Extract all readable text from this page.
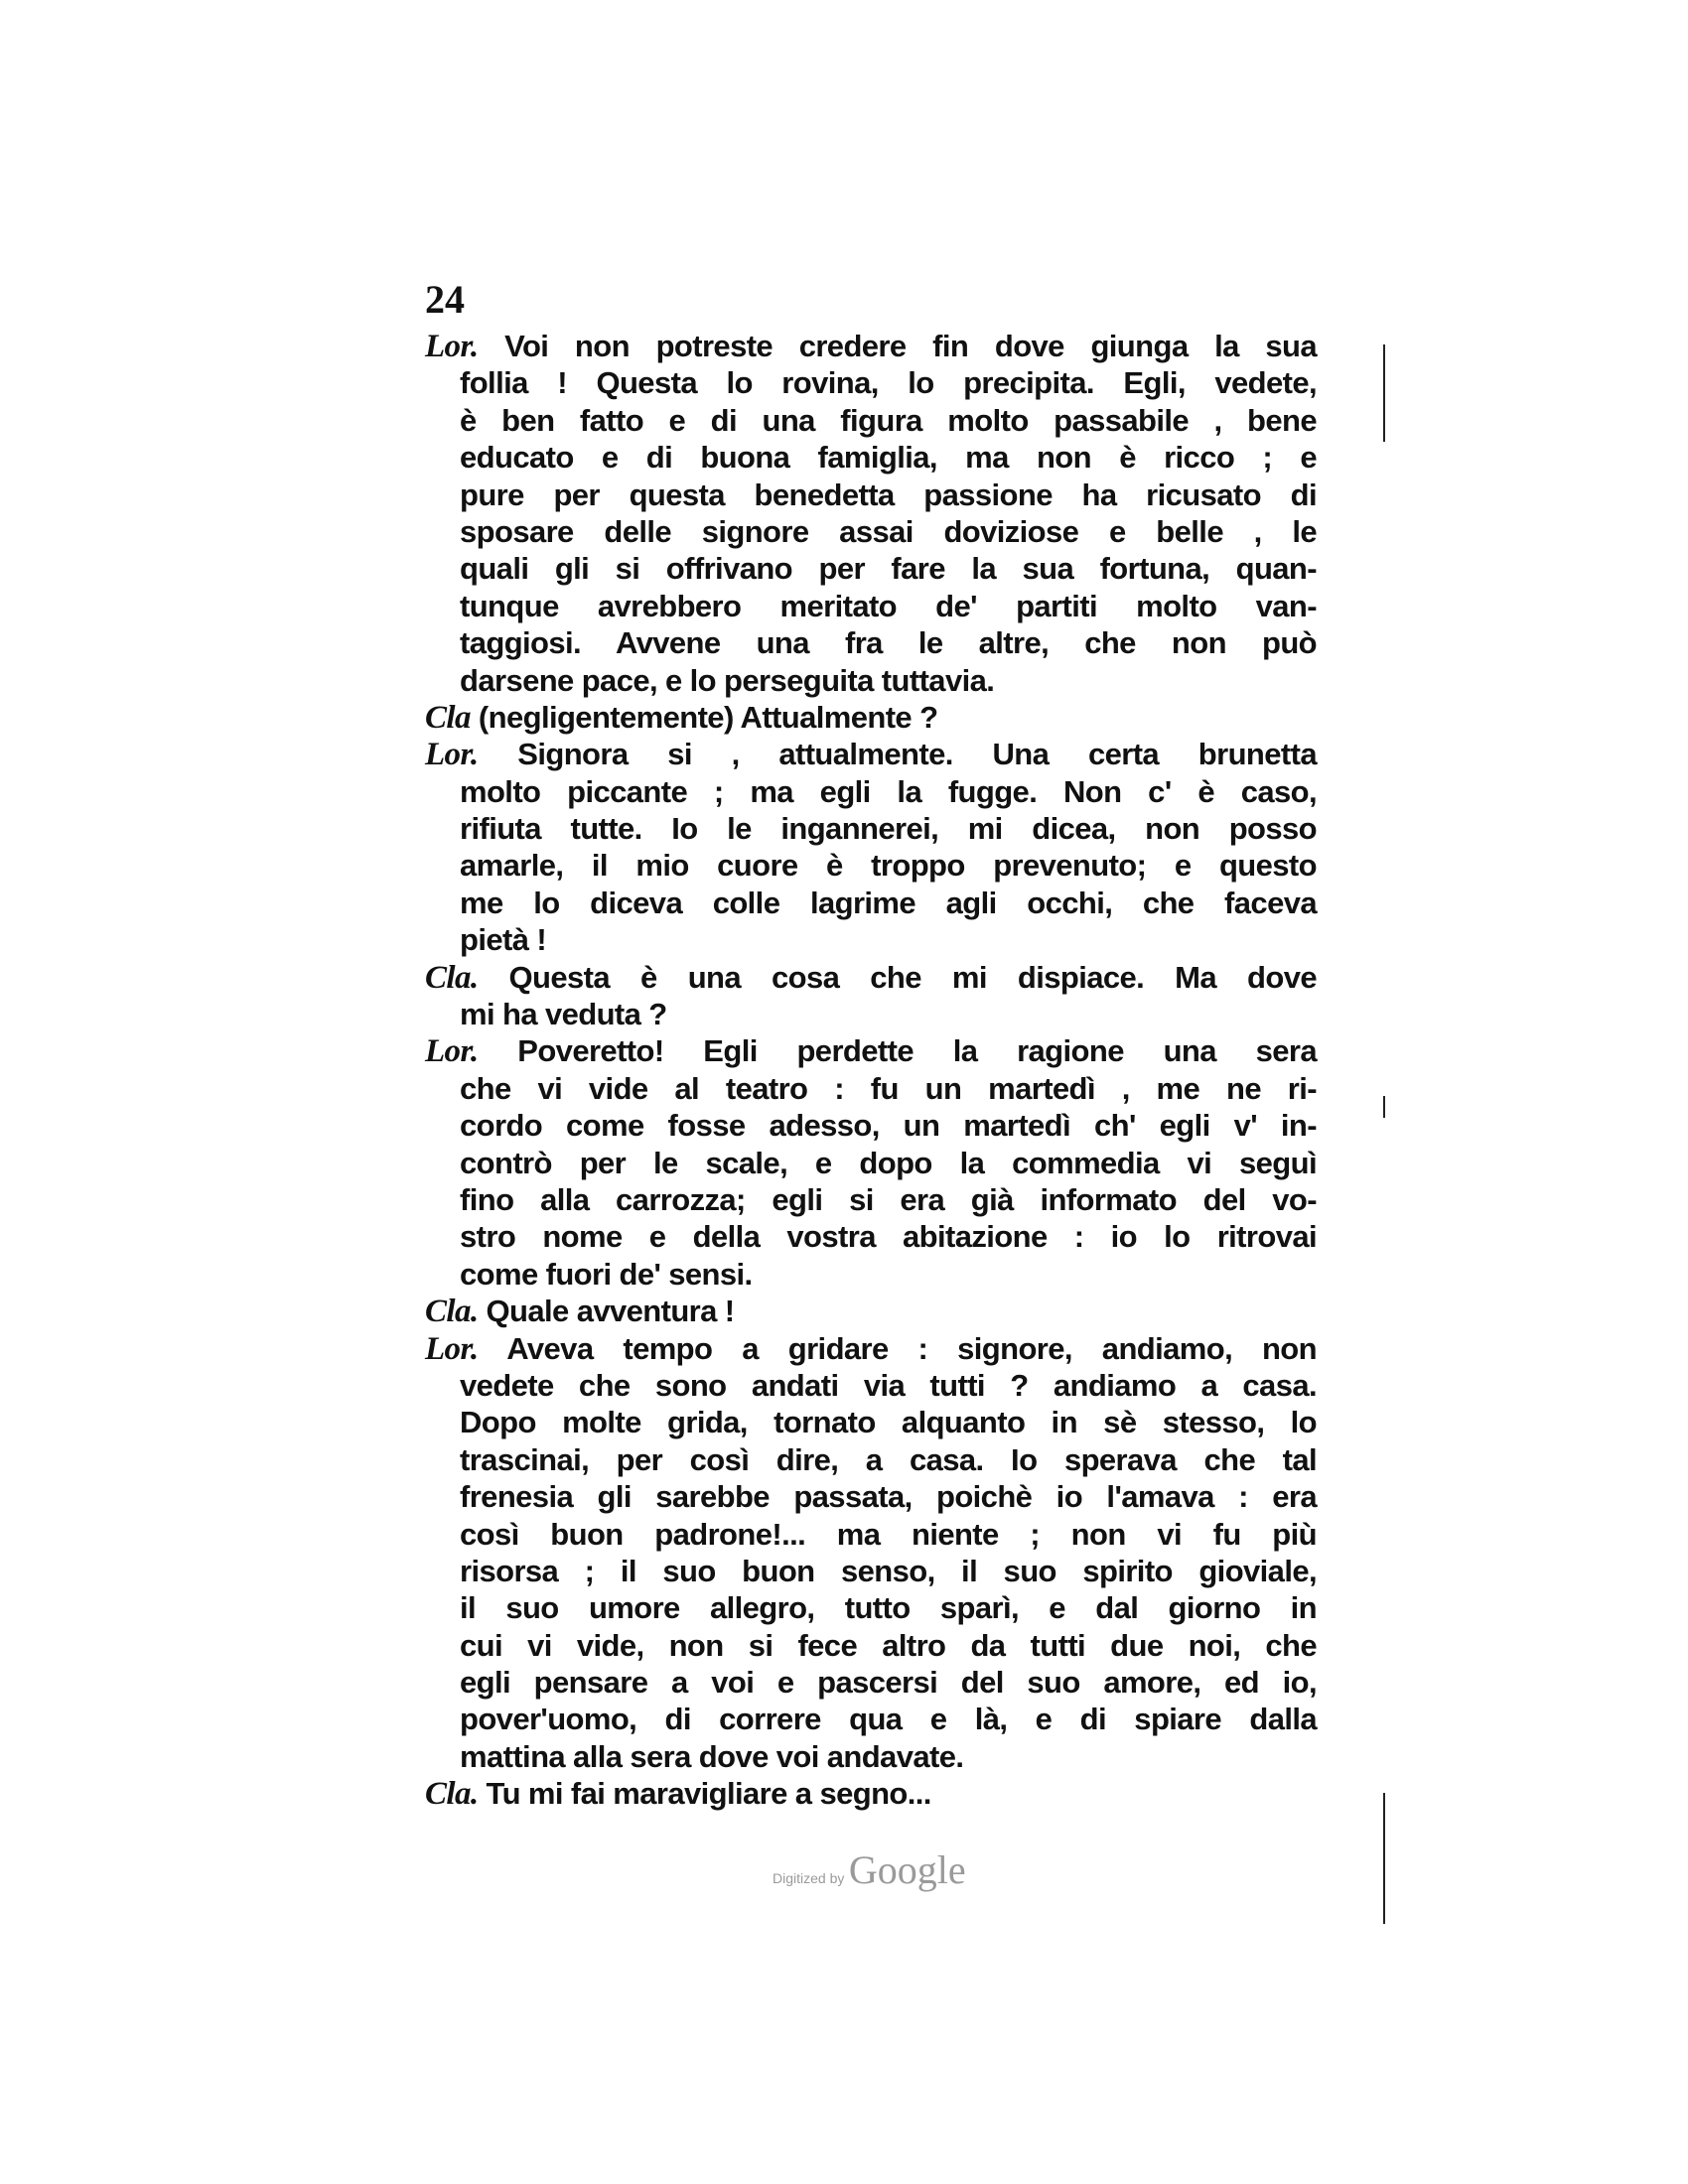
24
Lor. Voi non potreste credere fin dove giunga la sua
follia ! Questa lo rovina, lo precipita. Egli, vedete,
è ben fatto e di una figura molto passabile , bene
educato e di buona famiglia, ma non è ricco ; e
pure per questa benedetta passione ha ricusato di
sposare delle signore assai doviziose e belle , le
quali gli si offrivano per fare la sua fortuna, quan-
tunque avrebbero meritato de' partiti molto van-
taggiosi. Avvene una fra le altre, che non può
darsene pace, e lo perseguita tuttavia.
Cla (negligentemente) Attualmente ?
Lor. Signora si , attualmente. Una certa brunetta
molto piccante ; ma egli la fugge. Non c' è caso,
rifiuta tutte. Io le ingannerei, mi dicea, non posso
amarle, il mio cuore è troppo prevenuto; e questo
me lo diceva colle lagrime agli occhi, che faceva
pietà !
Cla. Questa è una cosa che mi dispiace. Ma dove
mi ha veduta ?
Lor. Poveretto! Egli perdette la ragione una sera
che vi vide al teatro : fu un martedì , me ne ri-
cordo come fosse adesso, un martedì ch' egli v' in-
contrò per le scale, e dopo la commedia vi seguì
fino alla carrozza; egli si era già informato del vo-
stro nome e della vostra abitazione : io lo ritrovai
come fuori de' sensi.
Cla. Quale avventura !
Lor. Aveva tempo a gridare : signore, andiamo, non
vedete che sono andati via tutti ? andiamo a casa.
Dopo molte grida, tornato alquanto in sè stesso, lo
trascinai, per così dire, a casa. Io sperava che tal
frenesia gli sarebbe passata, poichè io l'amava : era
così buon padrone!... ma niente ; non vi fu più
risorsa ; il suo buon senso, il suo spirito gioviale,
il suo umore allegro, tutto sparì, e dal giorno in
cui vi vide, non si fece altro da tutti due noi, che
egli pensare a voi e pascersi del suo amore, ed io,
pover'uomo, di correre qua e là, e di spiare dalla
mattina alla sera dove voi andavate.
Cla. Tu mi fai maravigliare a segno...
Digitized by Google
